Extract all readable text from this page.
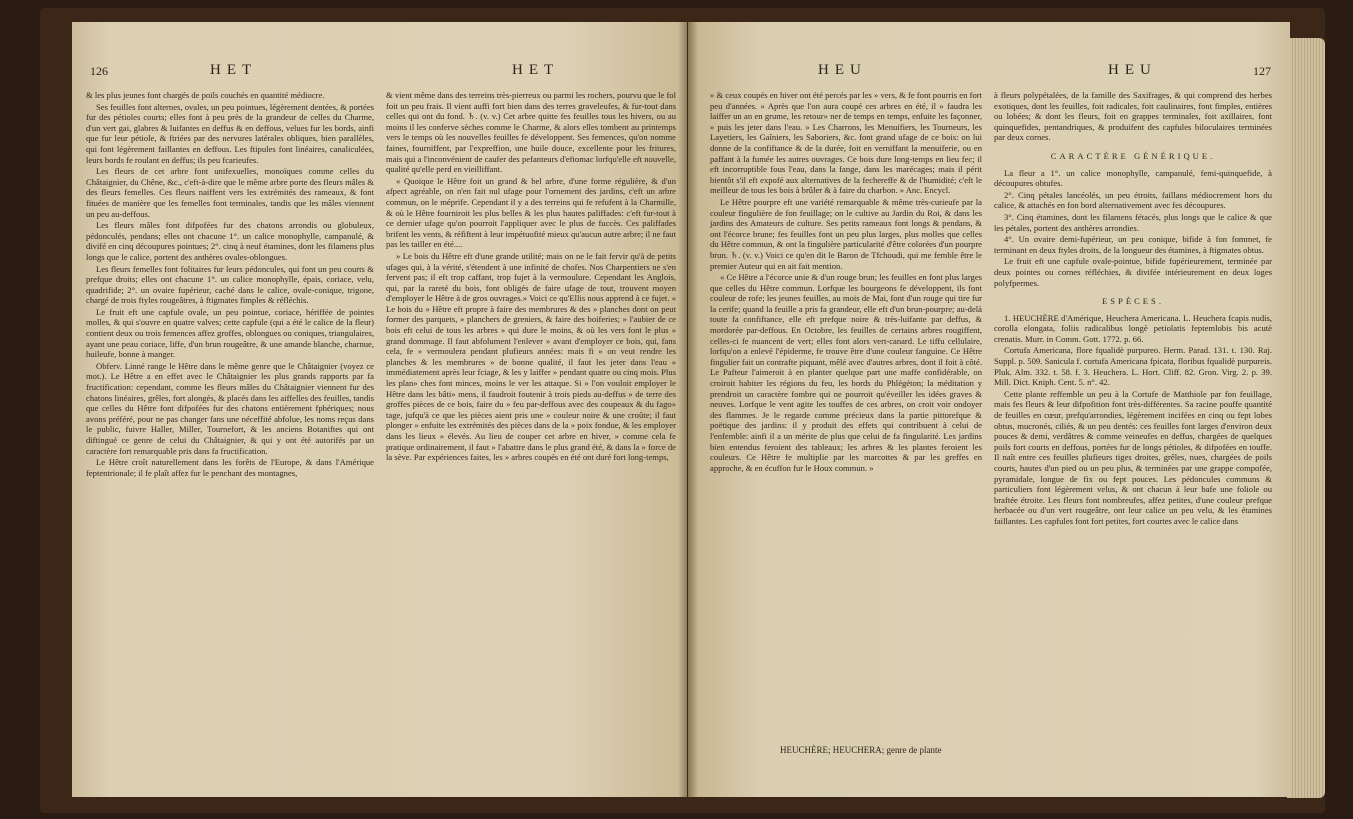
126	HET	HET

& les plus jeunes font chargés de poils couchés en quantité médiocre.

Ses feuilles font alternes, ovales, un peu pointues, légèrement dentées, & portées fur des pétioles courts; elles font à peu près de la grandeur de celles du Charme, d'un vert gai, glabres & luifantes en deffus & en deffous, velues fur les bords, ainfi que fur leur pétiole, & ftriées par des nervures latérales obliques, bien parallèles, qui font légèrement faillantes en deffous. Les ftipules font linéaires, canaliculées, leurs bords fe roulant en deffus; ils peu fcarieufes.

Les fleurs de cet arbre font unifexuelles, monoïques comme celles du Châtaignier, du Chêne, &c., c'eft-à-dire que le même arbre porte des fleurs mâles & des fleurs femelles. Ces fleurs naiffent vers les extrémités des rameaux, & font fituées de manière que les femelles font terminales, tandis que les mâles viennent un peu au-deffous.

Les fleurs mâles font difpofées fur des chatons arrondis ou globuleux, pédonculés, pendans; elles ont chacune 1°. un calice monophylle, campanulé, & divifé en cinq découpures pointues; 2°. cinq à neuf étamines, dont les filamens plus longs que le calice, portent des anthères ovales-oblongues.

Les fleurs femelles font folitaires fur leurs pédoncules, qui font un peu courts & prefque droits; elles ont chacune 1°. un calice monophylle, épais, coriace, velu, quadrifide; 2°. un ovaire fupérieur, caché dans le calice, ovale-conique, trigone, chargé de trois ftyles rougeâtres, à ftigmates fimples & réfléchis.

Le fruit eft une capfule ovale, un peu pointue, coriace, hériffée de pointes molles, & qui s'ouvre en quatre valves; cette capfule (qui a été le calice de la fleur) contient deux ou trois femences affez groffes, oblongues ou coniques, triangulaires, ayant une peau coriace, liffe, d'un brun rougeâtre, & une amande blanche, charnue, huileufe, bonne à manger.

Obferv. Linné range le Hêtre dans le même genre que le Châtaignier (voyez ce mot.). Le Hêtre a en effet avec le Châtaignier les plus grands rapports par fa fructification: cependant, comme les fleurs mâles du Châtaignier viennent fur des chatons linéaires, grêles, fort alongés, & placés dans les aiffelles des feuilles, tandis que celles du Hêtre font difpofées fur des chatons entièrement fphériques; nous avons préféré, pour ne pas changer fans une néceffité abfolue, les noms reçus dans le public, fuivre Haller, Miller, Tournefort, & les anciens Botaniftes qui ont diftingué ce genre de celui du Châtaignier, & qui y ont été autorifés par un caractère fort remarquable pris dans fa fructification.

Le Hêtre croît naturellement dans les forêts de l'Europe, & dans l'Amérique feptentrionale; il fe plaît affez fur le penchant des montagnes,

& vient même dans des terreins très-pierreux ou parmi les rochers, pourvu que le fol foit un peu frais. Il vient auffi fort bien dans des terres graveleufes, & fur-tout dans celles qui ont du fond. ♄. (v. v.) Cet arbre quitte fes feuilles tous les hivers, ou au moins il les conferve sèches comme le Charme, & alors elles tombent au printemps vers le temps où les nouvelles feuilles fe développent. Ses femences, qu'on nomme faines, fourniffent, par l'expreffion, une huile douce, excellente pour les fritures, mais qui a l'inconvénient de caufer des pefanteurs d'eftomac lorfqu'elle eft nouvelle, qualité qu'elle perd en vieilliffant.

« Quoique le Hêtre foit un grand & bel arbre, d'une forme régulière, & d'un afpect agréable, on n'en fait nul ufage pour l'ornement des jardins, c'eft un arbre commun, on le méprife. Cependant il y a des terreins qui fe refufent à la Charmille, & où le Hêtre fourniroit les plus belles & les plus hautes paliffades: c'eft fur-tout à ce dernier ufage qu'on pourroit l'appliquer avec le plus de fuccès. Ces paliffades brifent les vents, & réfiftent à leur impétuofité mieux qu'aucun autre arbre; il ne faut pas les tailler en été....

» Le bois du Hêtre eft d'une grande utilité; mais on ne le fait fervir qu'à de petits ufages qui, à la vérité, s'étendent à une infinité de chofes. Nos Charpentiers ne s'en fervent pas; il eft trop caffant, trop fujet à la vermoulure. Cependant les Anglois, qui, par la rareté du bois, font obligés de faire ufage de tout, trouvent moyen d'employer le Hêtre à de gros ouvrages.» Voici ce qu'Ellis nous apprend à ce fujet. « Le bois du » Hêtre eft propre à faire des membrures & des » planches dont on peut former des parquets, » planchers de greniers, & faire des boiferies; » l'aubier de ce bois eft celui de tous les arbres » qui dure le moins, & où les vers font le plus » grand dommage. Il faut abfolument l'enlever » avant d'employer ce bois, qui, fans cela, fe » vermoulera pendant plufieurs années: mais fi » on veut rendre les planches & les membrures » de bonne qualité, il faut les jeter dans l'eau » immédiatement après leur fciage, & les y laiffer » pendant quatre ou cinq mois. Plus les plan» ches font minces, moins le ver les attaque. Si » l'on vouloit employer le Hêtre dans les bâti» mens, il faudroit foutenir à trois pieds au-deffus » de terre des groffes pièces de ce bois, faire du » feu par-deffous avec des coupeaux & du fago» tage, jufqu'à ce que les pièces aient pris une » couleur noire & une croûte; il faut plonger » enfuite les extrémités des pièces dans de la » poix fondue, & les employer dans les lieux » élevés. Au lieu de couper cet arbre en hiver, » comme cela fe pratique ordinairement, il faut » l'abattre dans le plus grand été, & dans la » force de la sève. Par expériences faites, les » arbres coupés en été ont duré fort long-temps,

HEU	HEU	127

» & ceux coupés en hiver ont été percés par les » vers, & fe font pourris en fort peu d'années. » Après que l'on aura coupé ces arbres en été, il » faudra les laiffer un an en grume, les retour» ner de temps en temps, enfuite les façonner, » puis les jeter dans l'eau. » Les Charrons, les Menuifiers, les Tourneurs, les Layetiers, les Gaîniers, les Saboriers, &c. font grand ufage de ce bois: on lui donne de la confiftance & de la durée, foit en verniffant la menuiferie, ou en paffant à la fumée les autres ouvrages. Ce bois dure long-temps en lieu fec; il eft incorruptible fous l'eau, dans la fange, dans les marécages; mais il périt bientôt s'il eft expofé aux alternatives de la fechereffe & de l'humidité; c'eft le meilleur de tous les bois à brûler & à faire du charbon. » Anc. Encycl.

Le Hêtre pourpre eft une variété remarquable & même très-curieufe par la couleur fingulière de fon feuillage; on le cultive au Jardin du Roi, & dans les jardins des Amateurs de culture. Ses petits rameaux font longs & pendans, & ont l'écorce brune; fes feuilles font un peu plus larges, plus molles que celles du Hêtre commun, & ont la fingulière particularité d'être colorées d'un pourpre brun. ♄. (v. v.) Voici ce qu'en dit le Baron de Tfchoudi, qui me femble être le premier Auteur qui en ait fait mention.

« Ce Hêtre a l'écorce unie & d'un rouge brun; les feuilles en font plus larges que celles du Hêtre commun. Lorfque les bourgeons fe développent, ils font couleur de rofe; les jeunes feuilles, au mois de Mai, font d'un rouge qui tire fur la cerife; quand la feuille a pris fa grandeur, elle eft d'un brun-pourpre; au-delà toute fa confiftance, elle eft prefque noire & très-luifante par deffus, & mordorée par-deffous. En Octobre, les feuilles de certains arbres rougiffent, celles-ci fe nuancent de vert; elles font alors vert-canard. Le tiffu cellulaire, lorfqu'on a enlevé l'épiderme, fe trouve être d'une couleur fanguine. Ce Hêtre fingulier fait un contrafte piquant, mêlé avec d'autres arbres, dont il foit à côté. Le Pafteur l'aimeroit à en planter quelque part une maffe confidérable, on croiroit habiter les régions du feu, les bords du Phlégéton; la méditation y prendroit un caractère fombre qui ne pourroit qu'éveiller les idées graves & neuves. Lorfque le vent agite les touffes de ces arbres, on croit voir ondoyer des flammes. Je le regarde comme précieux dans la partie pittorefque & poëtique des jardins: il y produit des effets qui contribuent à celui de l'enfemble: ainfi il a un mérite de plus que celui de fa fingularité. Les jardins bien entendus feroient des tableaux; les arbres & les plantes feroient les couleurs. Ce Hêtre fe multiplie par les marcottes & par les greffes en approche, & en écuffon fur le Houx commun. »

HEUCHÈRE; HEUCHERA; genre de plante

à fleurs polypétalées, de la famille des Saxifrages, & qui comprend des herbes exotiques, dont les feuilles, foit radicales, foit caulinaires, font fimples, entières ou lobées; & dont les fleurs, foit en grappes terminales, foit axillaires, font quinquefides, pentandriques, & produifent des capfules biloculaires terminées par deux cornes.

CARACTÈRE GÉNÉRIQUE.

La fleur a 1°. un calice monophylle, campanulé, femi-quinquefide, à découpures obtufes.

2°. Cinq pétales lancéolés, un peu étroits, faillans médiocrement hors du calice, & attachés en fon bord alternativement avec fes découpures.

3°. Cinq étamines, dont les filamens fétacés, plus longs que le calice & que les pétales, portent des anthères arrondies.

4°. Un ovaire demi-fupérieur, un peu conique, bifide à fon fommet, fe terminant en deux ftyles droits, de la longueur des étamines, à ftigmates obtus.

Le fruit eft une capfule ovale-pointue, bifide fupérieurement, terminée par deux pointes ou cornes réfléchies, & divifée intérieurement en deux loges polyfpermes.

ESPÈCES.

1. HEUCHÈRE d'Amérique, Heuchera Americana. L. Heuchera fcapis nudis, corolla elongata, foliis radicalibus longè petiolatis feptemlobis bis acutè crenatis. Murr. in Comm. Gott. 1772. p. 66.

Cortufa Americana, flore fqualidè purpureo. Herm. Parad. 131. t. 130. Raj. Suppl. p. 509. Sanicula f. cortufa Americana fpicata, floribus fqualidè purpureis. Pluk. Alm. 332. t. 58. f. 3. Heuchera. L. Hort. Cliff. 82. Gron. Virg. 2. p. 39. Mill. Dict. Kniph. Cent. 5. n°. 42.

Cette plante reffemble un peu à la Cortufe de Matthiole par fon feuillage, mais fes fleurs & leur difpofition font très-différentes. Sa racine pouffe quantité de feuilles en cœur, prefqu'arrondies, légèrement incifées en cinq ou fept lobes obtus, mucronés, ciliés, & un peu dentés: ces feuilles font larges d'environ deux pouces & demi, verdâtres & comme veineufes en deffus, chargées de quelques poils fort courts en deffous, portées fur de longs pétioles, & difpofées en touffe. Il naît entre ces feuilles plufieurs tiges droites, grêles, nues, chargées de poils courts, hautes d'un pied ou un peu plus, & terminées par une grappe compofée, pyramidale, longue de fix ou fept pouces. Les pédoncules communs & particuliers font légèrement velus, & ont chacun à leur bafe une foliole ou braftée étroite. Les fleurs font nombreufes, affez petites, d'une couleur prefque herbacée ou d'un vert rougeâtre, ont leur calice un peu velu, & les étamines faillantes. Les capfules font fort petites, fort courtes avec le calice dans
